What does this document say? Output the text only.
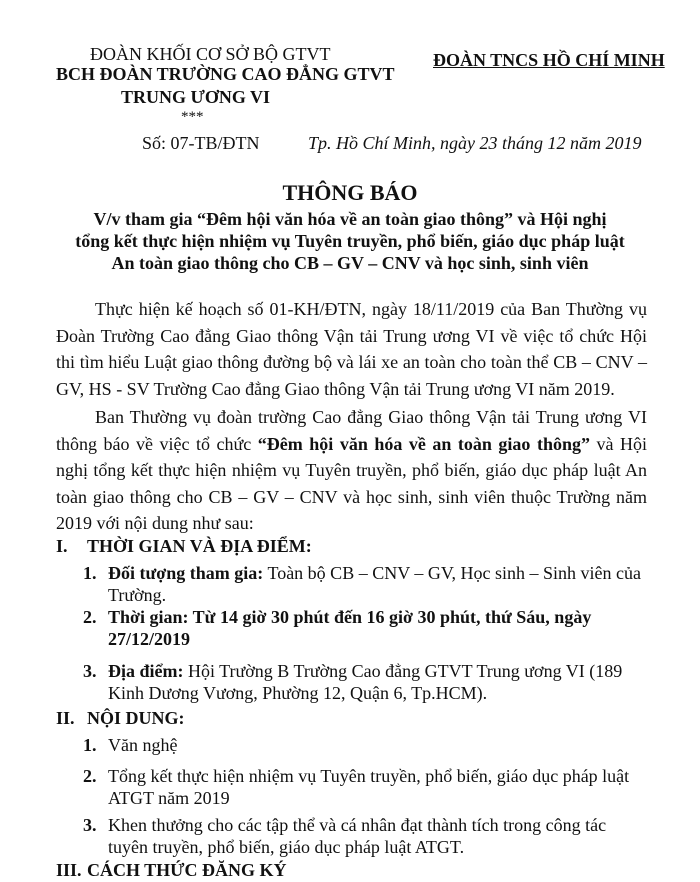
ĐOÀN KHỐI CƠ SỞ BỘ GTVT
BCH ĐOÀN TRƯỜNG CAO ĐẲNG GTVT
TRUNG ƯƠNG VI
***
ĐOÀN TNCS HỒ CHÍ MINH
Số: 07-TB/ĐTN	Tp. Hồ Chí Minh, ngày 23 tháng 12 năm 2019
THÔNG BÁO
V/v tham gia “Đêm hội văn hóa về an toàn giao thông” và Hội nghị
tổng kết thực hiện nhiệm vụ Tuyên truyền, phổ biến, giáo dục pháp luật
An toàn giao thông cho CB – GV – CNV và học sinh, sinh viên

Thực hiện kế hoạch số 01-KH/ĐTN, ngày 18/11/2019 của Ban Thường vụ Đoàn Trường Cao đẳng Giao thông Vận tải Trung ương VI về việc tổ chức Hội thi tìm hiểu Luật giao thông đường bộ và lái xe an toàn cho toàn thể CB – CNV – GV, HS - SV Trường Cao đẳng Giao thông Vận tải Trung ương VI năm 2019.

Ban Thường vụ đoàn trường Cao đẳng Giao thông Vận tải Trung ương VI thông báo về việc tổ chức “Đêm hội văn hóa về an toàn giao thông” và Hội nghị tổng kết thực hiện nhiệm vụ Tuyên truyền, phổ biến, giáo dục pháp luật An toàn giao thông cho CB – GV – CNV và học sinh, sinh viên thuộc Trường năm 2019 với nội dung như sau:

I. THỜI GIAN VÀ ĐỊA ĐIỂM:
1. Đối tượng tham gia: Toàn bộ CB – CNV – GV, Học sinh – Sinh viên của Trường.
2. Thời gian: Từ 14 giờ 30 phút đến 16 giờ 30 phút, thứ Sáu, ngày 27/12/2019
3. Địa điểm: Hội Trường B Trường Cao đẳng GTVT Trung ương VI (189 Kinh Dương Vương, Phường 12, Quận 6, Tp.HCM).
II. NỘI DUNG:
1. Văn nghệ
2. Tổng kết thực hiện nhiệm vụ Tuyên truyền, phổ biến, giáo dục pháp luật ATGT năm 2019
3. Khen thưởng cho các tập thể và cá nhân đạt thành tích trong công tác tuyên truyền, phổ biến, giáo dục pháp luật ATGT.
III. CÁCH THỨC ĐĂNG KÝ
